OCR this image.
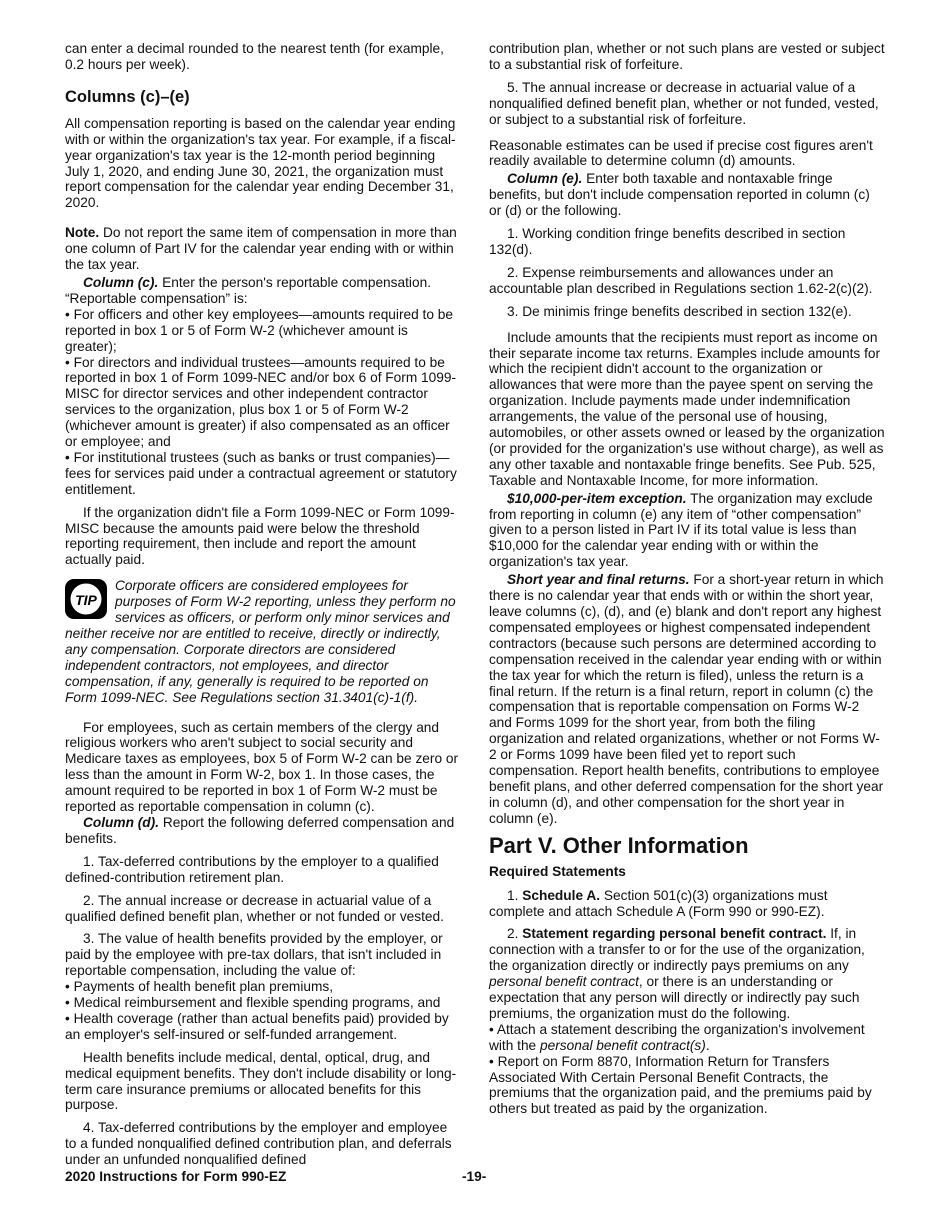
can enter a decimal rounded to the nearest tenth (for example, 0.2 hours per week).

Columns (c)–(e)

All compensation reporting is based on the calendar year ending with or within the organization's tax year. For example, if a fiscal-year organization's tax year is the 12-month period beginning July 1, 2020, and ending June 30, 2021, the organization must report compensation for the calendar year ending December 31, 2020.

Note. Do not report the same item of compensation in more than one column of Part IV for the calendar year ending with or within the tax year.

Column (c). Enter the person's reportable compensation. “Reportable compensation” is:

• For officers and other key employees—amounts required to be reported in box 1 or 5 of Form W-2 (whichever amount is greater);

• For directors and individual trustees—amounts required to be reported in box 1 of Form 1099-NEC and/or box 6 of Form 1099-MISC for director services and other independent contractor services to the organization, plus box 1 or 5 of Form W-2 (whichever amount is greater) if also compensated as an officer or employee; and

• For institutional trustees (such as banks or trust companies)—fees for services paid under a contractual agreement or statutory entitlement.

If the organization didn't file a Form 1099-NEC or Form 1099-MISC because the amounts paid were below the threshold reporting requirement, then include and report the amount actually paid.

TIP
Corporate officers are considered employees for purposes of Form W-2 reporting, unless they perform no services as officers, or perform only minor services and neither receive nor are entitled to receive, directly or indirectly, any compensation. Corporate directors are considered independent contractors, not employees, and director compensation, if any, generally is required to be reported on Form 1099-NEC. See Regulations section 31.3401(c)-1(f).

For employees, such as certain members of the clergy and religious workers who aren't subject to social security and Medicare taxes as employees, box 5 of Form W-2 can be zero or less than the amount in Form W-2, box 1. In those cases, the amount required to be reported in box 1 of Form W-2 must be reported as reportable compensation in column (c).

Column (d). Report the following deferred compensation and benefits.

1. Tax-deferred contributions by the employer to a qualified defined-contribution retirement plan.

2. The annual increase or decrease in actuarial value of a qualified defined benefit plan, whether or not funded or vested.

3. The value of health benefits provided by the employer, or paid by the employee with pre-tax dollars, that isn't included in reportable compensation, including the value of:

• Payments of health benefit plan premiums,

• Medical reimbursement and flexible spending programs, and

• Health coverage (rather than actual benefits paid) provided by an employer's self-insured or self-funded arrangement.

Health benefits include medical, dental, optical, drug, and medical equipment benefits. They don't include disability or long-term care insurance premiums or allocated benefits for this purpose.

4. Tax-deferred contributions by the employer and employee to a funded nonqualified defined contribution plan, and deferrals under an unfunded nonqualified defined

contribution plan, whether or not such plans are vested or subject to a substantial risk of forfeiture.

5. The annual increase or decrease in actuarial value of a nonqualified defined benefit plan, whether or not funded, vested, or subject to a substantial risk of forfeiture.

Reasonable estimates can be used if precise cost figures aren't readily available to determine column (d) amounts.

Column (e). Enter both taxable and nontaxable fringe benefits, but don't include compensation reported in column (c) or (d) or the following.

1. Working condition fringe benefits described in section 132(d).

2. Expense reimbursements and allowances under an accountable plan described in Regulations section 1.62-2(c)(2).

3. De minimis fringe benefits described in section 132(e).

Include amounts that the recipients must report as income on their separate income tax returns. Examples include amounts for which the recipient didn't account to the organization or allowances that were more than the payee spent on serving the organization. Include payments made under indemnification arrangements, the value of the personal use of housing, automobiles, or other assets owned or leased by the organization (or provided for the organization's use without charge), as well as any other taxable and nontaxable fringe benefits. See Pub. 525, Taxable and Nontaxable Income, for more information.

$10,000-per-item exception. The organization may exclude from reporting in column (e) any item of “other compensation” given to a person listed in Part IV if its total value is less than $10,000 for the calendar year ending with or within the organization's tax year.

Short year and final returns. For a short-year return in which there is no calendar year that ends with or within the short year, leave columns (c), (d), and (e) blank and don't report any highest compensated employees or highest compensated independent contractors (because such persons are determined according to compensation received in the calendar year ending with or within the tax year for which the return is filed), unless the return is a final return. If the return is a final return, report in column (c) the compensation that is reportable compensation on Forms W-2 and Forms 1099 for the short year, from both the filing organization and related organizations, whether or not Forms W-2 or Forms 1099 have been filed yet to report such compensation. Report health benefits, contributions to employee benefit plans, and other deferred compensation for the short year in column (d), and other compensation for the short year in column (e).

Part V. Other Information
Required Statements

1. Schedule A. Section 501(c)(3) organizations must complete and attach Schedule A (Form 990 or 990-EZ).

2. Statement regarding personal benefit contract. If, in connection with a transfer to or for the use of the organization, the organization directly or indirectly pays premiums on any personal benefit contract, or there is an understanding or expectation that any person will directly or indirectly pay such premiums, the organization must do the following.

• Attach a statement describing the organization's involvement with the personal benefit contract(s).

• Report on Form 8870, Information Return for Transfers Associated With Certain Personal Benefit Contracts, the premiums that the organization paid, and the premiums paid by others but treated as paid by the organization.

2020 Instructions for Form 990-EZ	-19-
